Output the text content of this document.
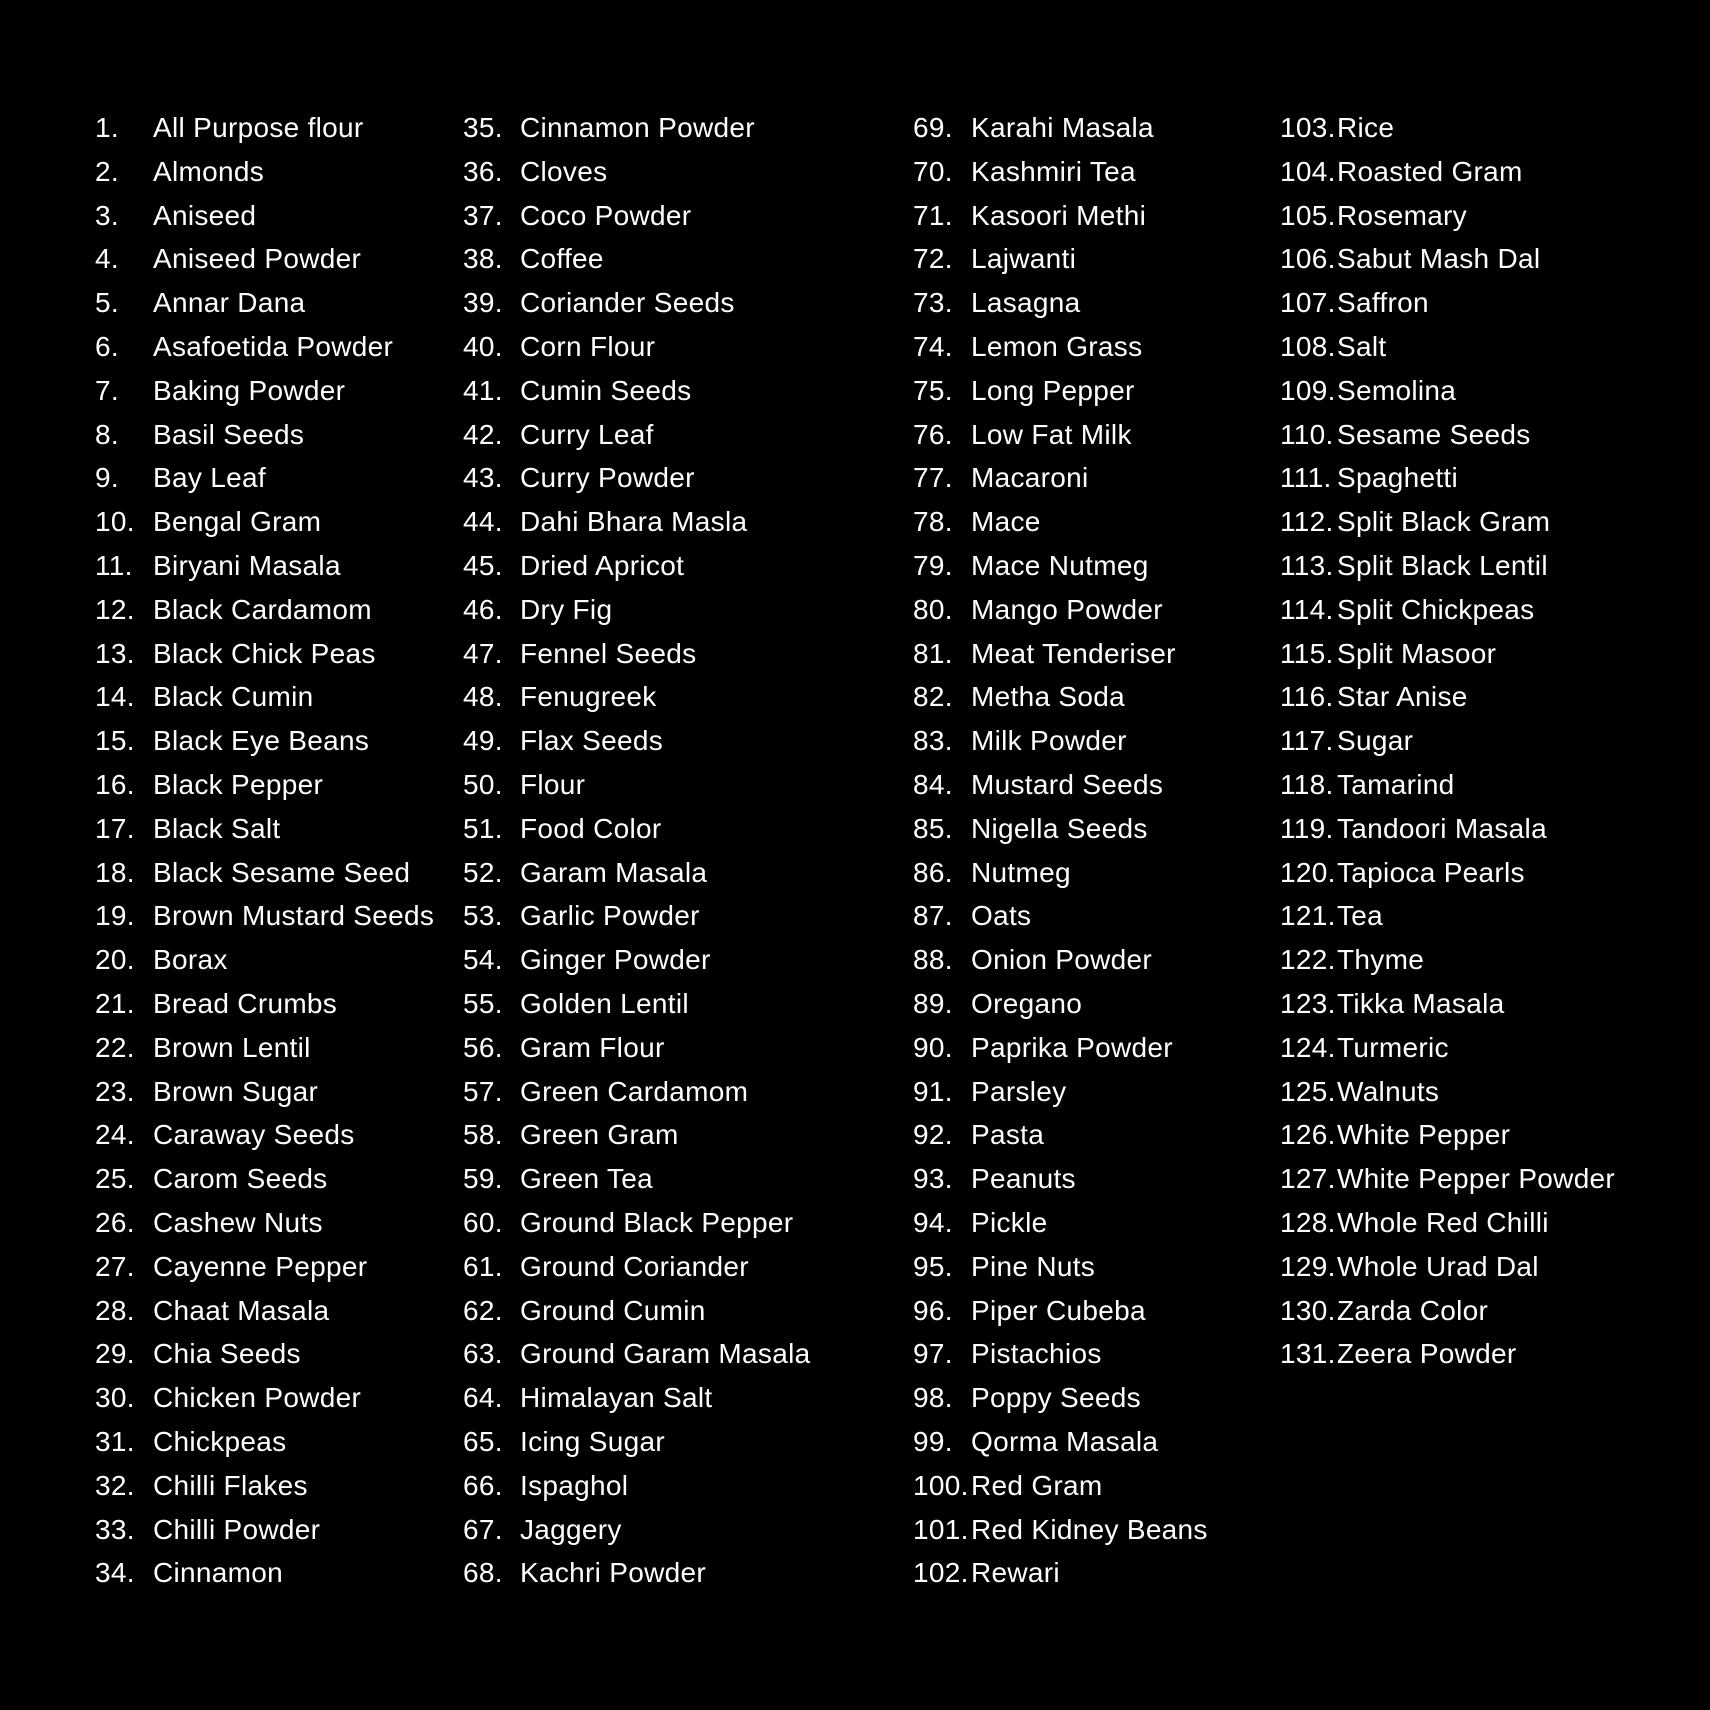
1.	All Purpose flour
2.	Almonds
3.	Aniseed
4.	Aniseed Powder
5.	Annar Dana
6.	Asafoetida Powder
7.	Baking Powder
8.	Basil Seeds
9.	Bay Leaf
10. Bengal Gram
11. Biryani Masala
12. Black Cardamom
13. Black Chick Peas
14. Black Cumin
15. Black Eye Beans
16. Black Pepper
17. Black Salt
18. Black Sesame Seed
19. Brown Mustard Seeds
20. Borax
21. Bread Crumbs
22. Brown Lentil
23. Brown Sugar
24. Caraway Seeds
25. Carom Seeds
26. Cashew Nuts
27. Cayenne Pepper
28. Chaat Masala
29. Chia Seeds
30. Chicken Powder
31. Chickpeas
32. Chilli Flakes
33. Chilli Powder
34. Cinnamon
35. Cinnamon Powder
36. Cloves
37. Coco Powder
38. Coffee
39. Coriander Seeds
40. Corn Flour
41. Cumin Seeds
42. Curry Leaf
43. Curry Powder
44. Dahi Bhara Masla
45. Dried Apricot
46. Dry Fig
47. Fennel Seeds
48. Fenugreek
49. Flax Seeds
50. Flour
51. Food Color
52. Garam Masala
53. Garlic Powder
54. Ginger Powder
55. Golden Lentil
56. Gram Flour
57. Green Cardamom
58. Green Gram
59. Green Tea
60. Ground Black Pepper
61. Ground Coriander
62. Ground Cumin
63. Ground Garam Masala
64. Himalayan Salt
65. Icing Sugar
66. Ispaghol
67. Jaggery
68. Kachri Powder
69. Karahi Masala
70. Kashmiri Tea
71. Kasoori Methi
72. Lajwanti
73. Lasagna
74. Lemon Grass
75. Long Pepper
76. Low Fat Milk
77. Macaroni
78. Mace
79. Mace Nutmeg
80. Mango Powder
81. Meat Tenderiser
82. Metha Soda
83. Milk Powder
84. Mustard Seeds
85. Nigella Seeds
86. Nutmeg
87. Oats
88. Onion Powder
89. Oregano
90. Paprika Powder
91. Parsley
92. Pasta
93. Peanuts
94. Pickle
95. Pine Nuts
96. Piper Cubeba
97. Pistachios
98. Poppy Seeds
99. Qorma Masala
100. Red Gram
101. Red Kidney Beans
102. Rewari
103. Rice
104. Roasted Gram
105. Rosemary
106. Sabut Mash Dal
107. Saffron
108. Salt
109. Semolina
110. Sesame Seeds
111. Spaghetti
112. Split Black Gram
113. Split Black Lentil
114. Split Chickpeas
115. Split Masoor
116. Star Anise
117. Sugar
118. Tamarind
119. Tandoori Masala
120. Tapioca Pearls
121. Tea
122. Thyme
123. Tikka Masala
124. Turmeric
125. Walnuts
126. White Pepper
127. White Pepper Powder
128. Whole Red Chilli
129. Whole Urad Dal
130. Zarda Color
131. Zeera Powder
